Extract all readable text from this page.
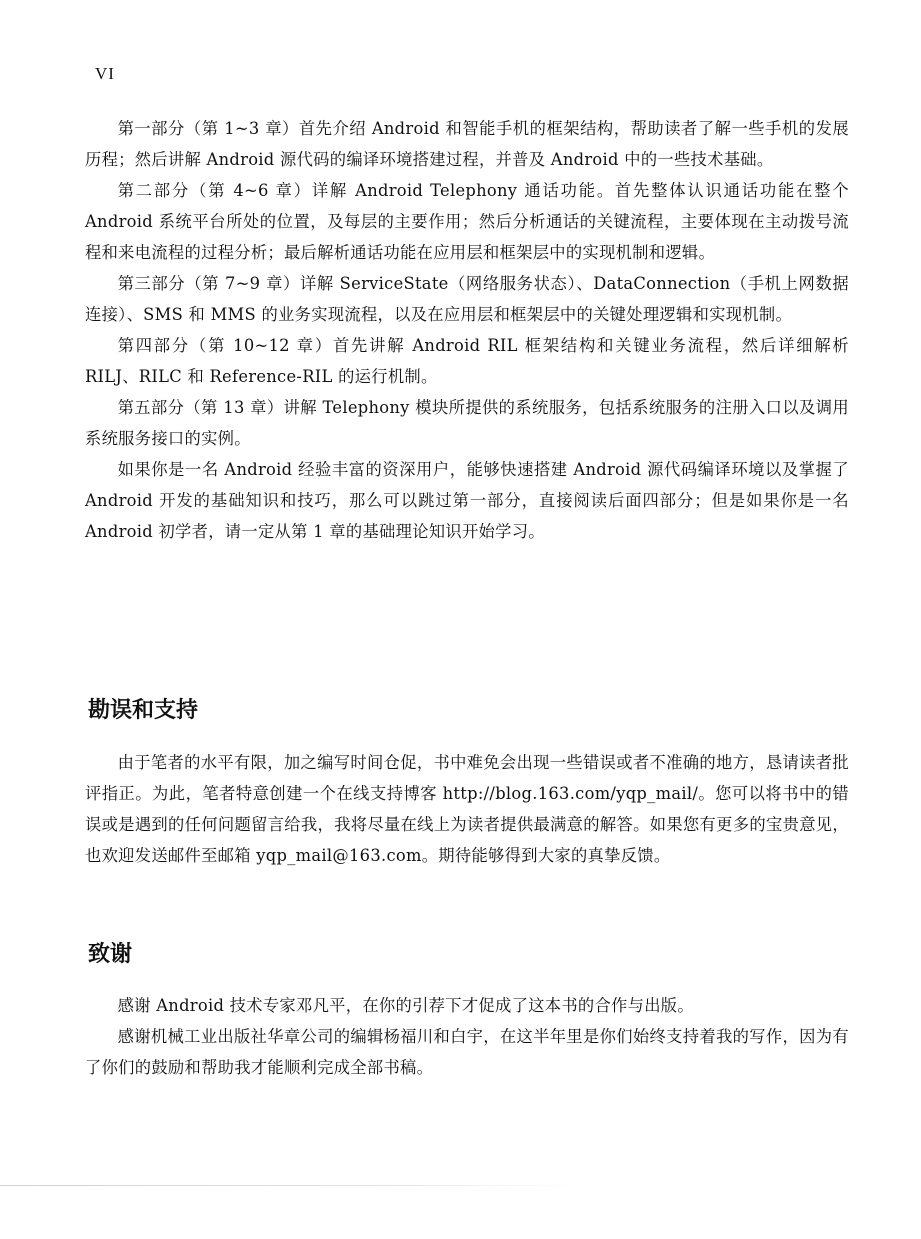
VI

第一部分（第 1~3 章）首先介绍 Android 和智能手机的框架结构，帮助读者了解一些手机的发展历程；然后讲解 Android 源代码的编译环境搭建过程，并普及 Android 中的一些技术基础。

第二部分（第 4~6 章）详解 Android Telephony 通话功能。首先整体认识通话功能在整个 Android 系统平台所处的位置，及每层的主要作用；然后分析通话的关键流程，主要体现在主动拨号流程和来电流程的过程分析；最后解析通话功能在应用层和框架层中的实现机制和逻辑。

第三部分（第 7~9 章）详解 ServiceState（网络服务状态）、DataConnection（手机上网数据连接）、SMS 和 MMS 的业务实现流程，以及在应用层和框架层中的关键处理逻辑和实现机制。

第四部分（第 10~12 章）首先讲解 Android RIL 框架结构和关键业务流程，然后详细解析 RILJ、RILC 和 Reference-RIL 的运行机制。

第五部分（第 13 章）讲解 Telephony 模块所提供的系统服务，包括系统服务的注册入口以及调用系统服务接口的实例。

如果你是一名 Android 经验丰富的资深用户，能够快速搭建 Android 源代码编译环境以及掌握了 Android 开发的基础知识和技巧，那么可以跳过第一部分，直接阅读后面四部分；但是如果你是一名 Android 初学者，请一定从第 1 章的基础理论知识开始学习。

勘误和支持

由于笔者的水平有限，加之编写时间仓促，书中难免会出现一些错误或者不准确的地方，恳请读者批评指正。为此，笔者特意创建一个在线支持博客 http://blog.163.com/yqp_mail/。您可以将书中的错误或是遇到的任何问题留言给我，我将尽量在线上为读者提供最满意的解答。如果您有更多的宝贵意见，也欢迎发送邮件至邮箱 yqp_mail@163.com。期待能够得到大家的真挚反馈。

致谢

感谢 Android 技术专家邓凡平，在你的引荐下才促成了这本书的合作与出版。

感谢机械工业出版社华章公司的编辑杨福川和白宇，在这半年里是你们始终支持着我的写作，因为有了你们的鼓励和帮助我才能顺利完成全部书稿。
